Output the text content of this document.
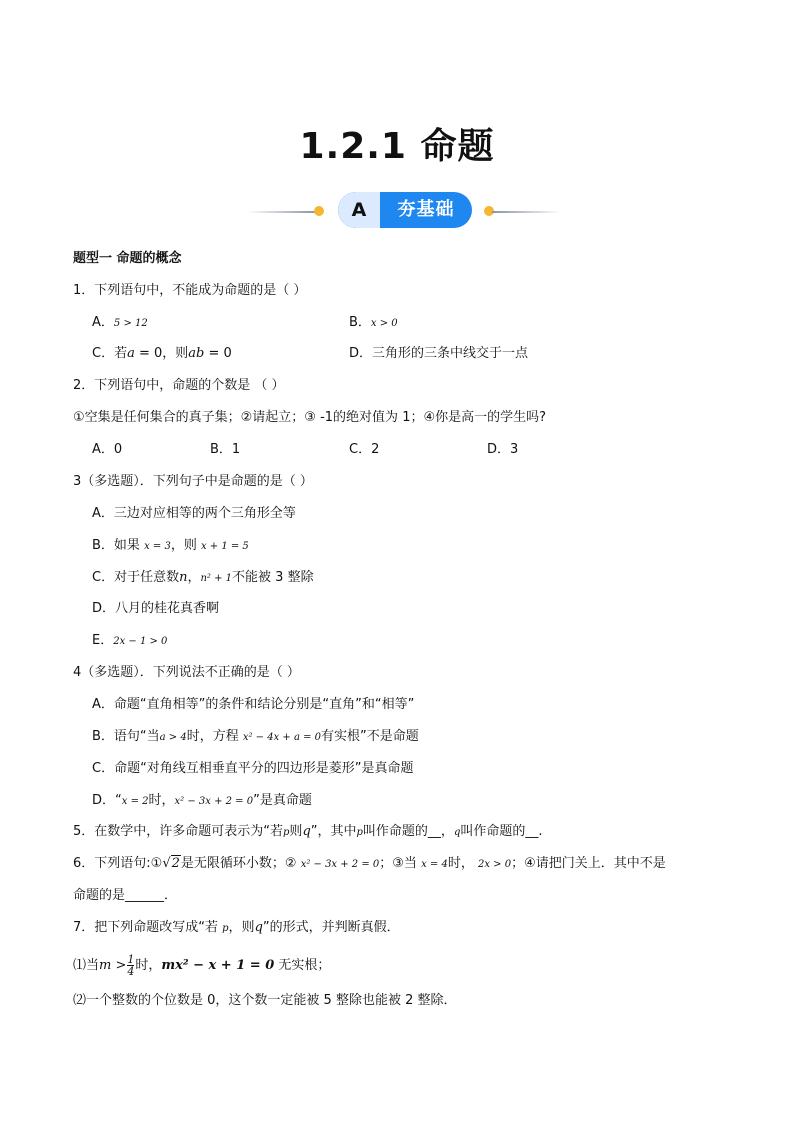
1.2.1 命题
A	夯基础
题型一 命题的概念
1．下列语句中，不能成为命题的是（ ）
A．5 > 12	B．x > 0
C．若a = 0，则ab = 0	D．三角形的三条中线交于一点
2．下列语句中，命题的个数是 （ ）
①空集是任何集合的真子集；②请起立；③ -1的绝对值为 1；④你是高一的学生吗?
A．0	B．1	C．2	D．3
3（多选题）．下列句子中是命题的是（ ）
A．三边对应相等的两个三角形全等
B．如果 x = 3，则 x + 1 = 5
C．对于任意数n，n² + 1不能被 3 整除
D．八月的桂花真香啊
E．2x − 1 > 0
4（多选题）．下列说法不正确的是（ ）
A．命题“直角相等”的条件和结论分别是“直角”和“相等”
B．语句“当a > 4时，方程 x² − 4x + a = 0有实根”不是命题
C．命题“对角线互相垂直平分的四边形是菱形”是真命题
D．“x = 2时，x² − 3x + 2 = 0”是真命题
5．在数学中，许多命题可表示为“若p则q”，其中p叫作命题的__，q叫作命题的__.
6．下列语句:①√2是无限循环小数；② x² − 3x + 2 = 0；③当 x = 4时， 2x > 0；④请把门关上．其中不是
命题的是______．
7．把下列命题改写成“若 p，则q”的形式，并判断真假．
⑴当$m > \frac{1}{4}$ 时，mx² − x + 1 = 0 无实根；
⑵一个整数的个位数是 0，这个数一定能被 5 整除也能被 2 整除．
